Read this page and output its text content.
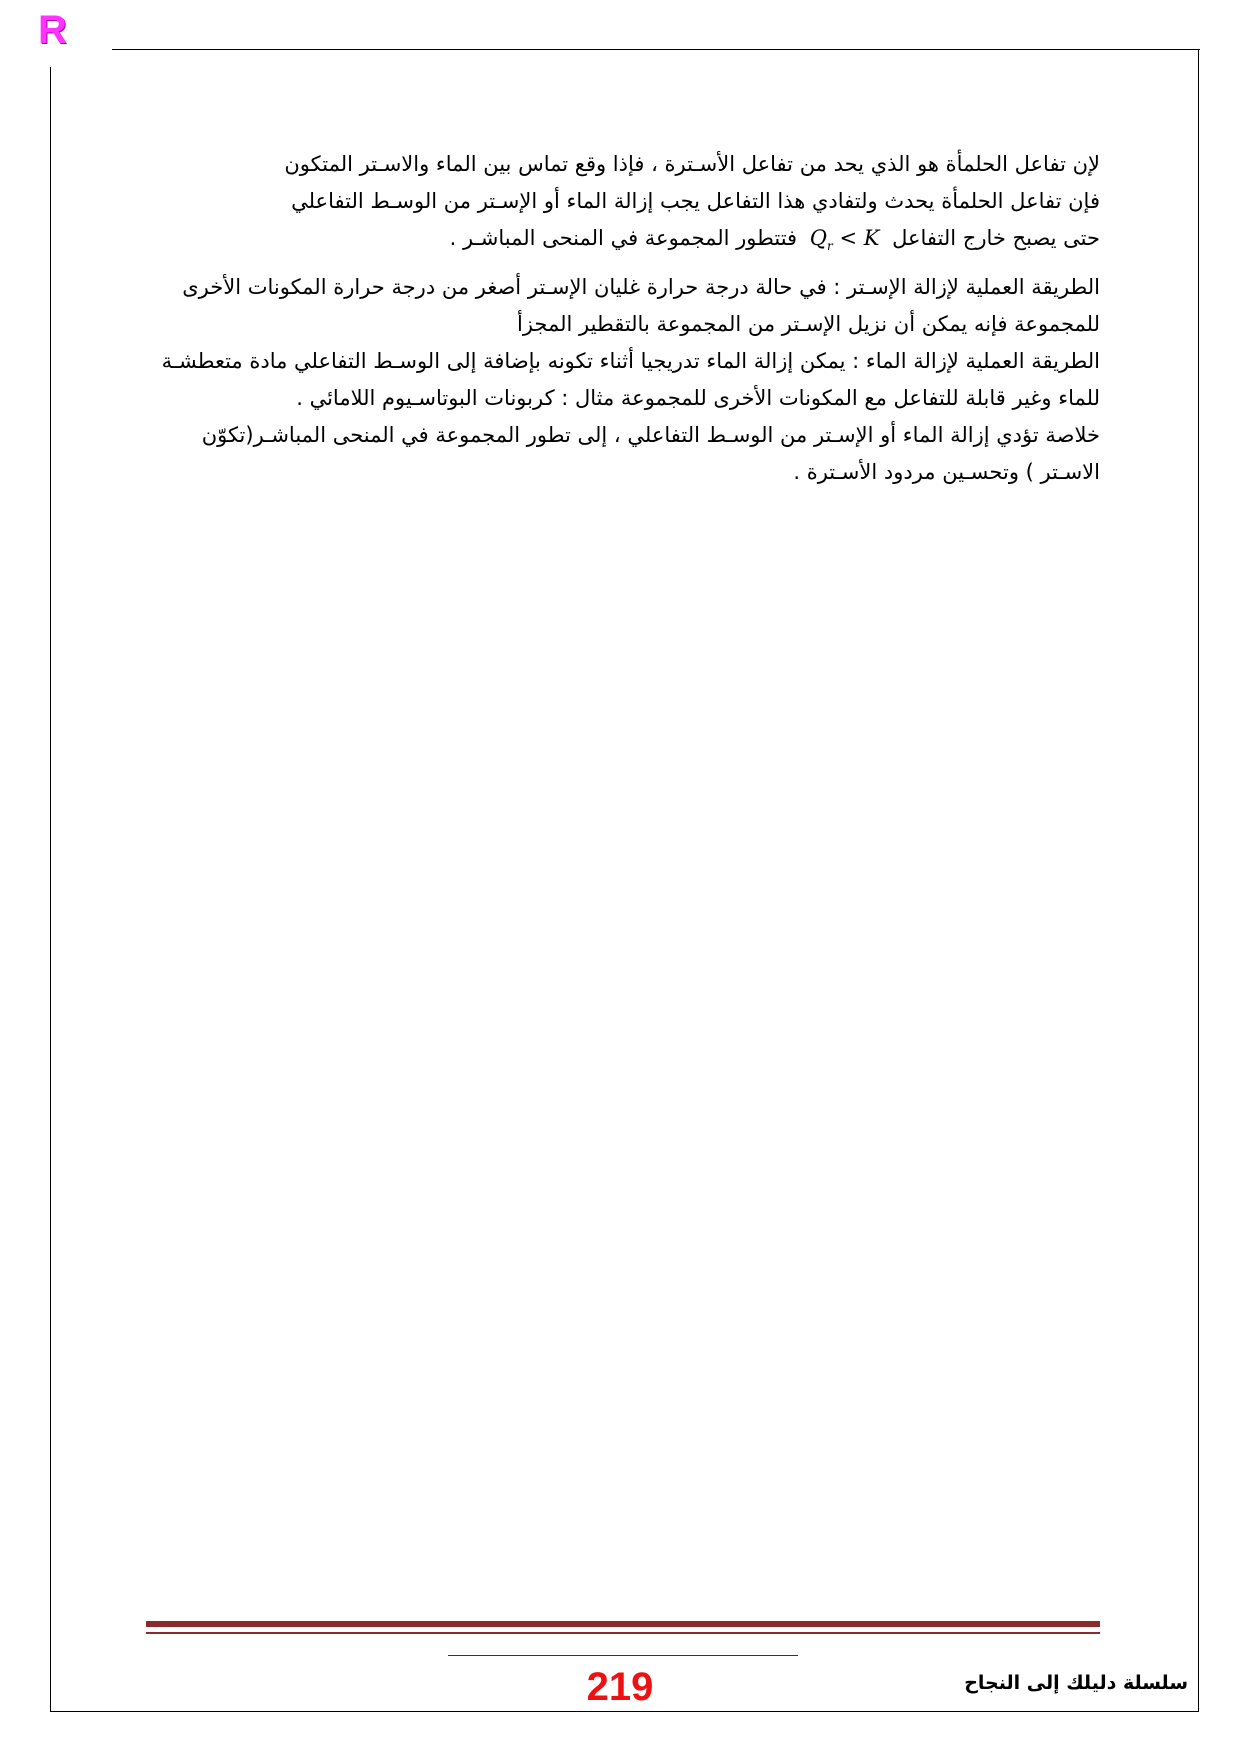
R

لإن تفاعل الحلمأة هو الذي يحد من تفاعل الأسـترة ، فإذا وقع تماس بين الماء والاسـتر المتكون
فإن تفاعل الحلمأة يحدث ولتفادي هذا التفاعل يجب إزالة الماء أو الإسـتر من الوسـط التفاعلي
حتى يصبح خارج التفاعل $Q_r < K$ فتتطور المجموعة في المنحى المباشـر .

الطريقة العملية لإزالة الإسـتر : في حالة درجة حرارة غليان الإسـتر أصغر من درجة حرارة المكونات الأخرى للمجموعة فإنه يمكن أن نزيل الإسـتر من المجموعة بالتقطير المجزأ

الطريقة العملية لإزالة الماء : يمكن إزالة الماء تدريجيا أثناء تكونه بإضافة إلى الوسـط التفاعلي مادة متعطشـة للماء وغير قابلة للتفاعل مع المكونات الأخرى للمجموعة مثال : كربونات البوتاسـيوم اللامائي .

خلاصة تؤدي إزالة الماء أو الإسـتر من الوسـط التفاعلي ، إلى تطور المجموعة في المنحى المباشـر(تكوّن الاسـتر ) وتحسـين مردود الأسـترة .

219	سلسلة دليلك إلى النجاح
